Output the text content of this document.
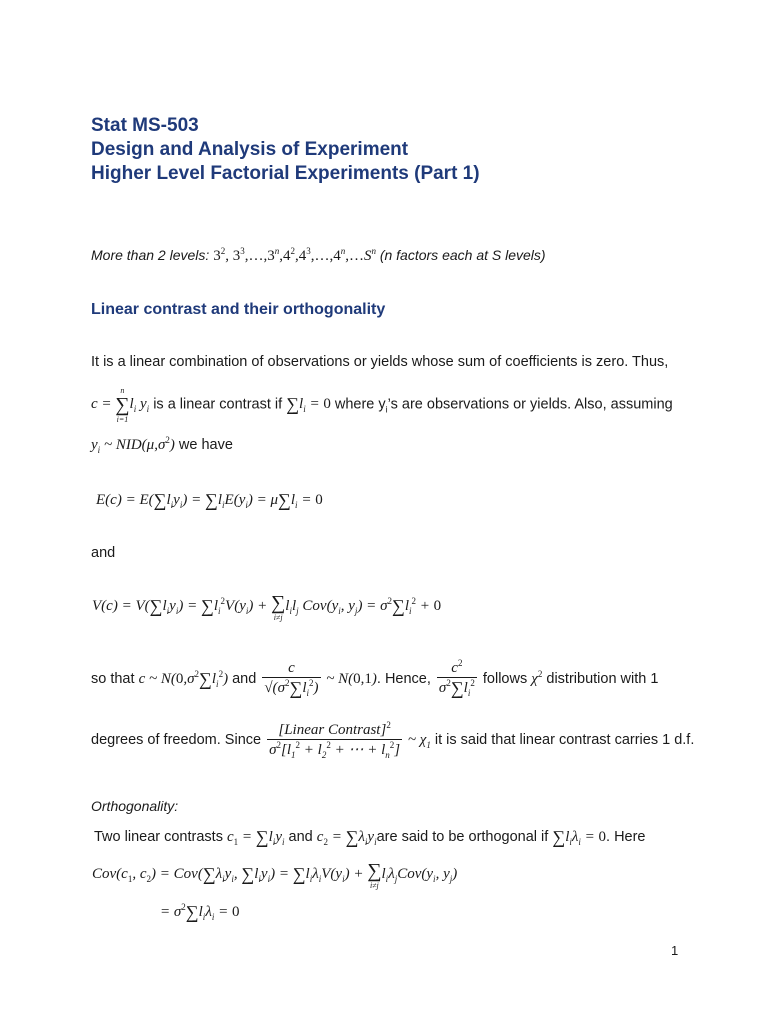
Stat MS-503
Design and Analysis of Experiment
Higher Level Factorial Experiments (Part 1)
More than 2 levels: $3^2$, $3^3,\dots,3^n,4^2,4^3,\dots,4^n,\dots S^n$ (n factors each at S levels)
Linear contrast and their orthogonality
It is a linear combination of observations or yields whose sum of coefficients is zero. Thus,
c =
n
∑
i=1
$l_i$ $y_i$ is a linear contrast if $\sum l_i = 0$ where $y_i’s$ are observations or yields. Also, assuming
$y_i$ ~ $NID(\mu,\sigma^2)$ we have
$E(c) = E(\sum l_iy_i) = \sum l_iE(y_i) = \mu\sum l_i = 0$
and
$V(c) = V(\sum l_iy_i) = \sum l_i^2V(y_i)$ + ∑
i≠j
$l_il_j$ $Cov(y_i$, $y_j) = \sigma^2\sum l_i^2 + 0$
so that c ~ $N(0,\sigma^2\sum l_i^2)$ and $\frac{c}{√(\sigma^2\sum l_i^2)}$ ~ N(0,1). Hence, $\frac{c^2}{\sigma^2\sum l_i^2}$ follows $\chi^2$ distribution with 1
degrees of freedom. Since $\frac{[Linear Contrast]^2}{\sigma^2[l_1^2 + l_2^2 + \cdots + l_n^2]}$ ~ $\chi_1$ it is said that linear contrast carries 1 d.f.
Orthogonality:
Two linear contrasts $c_1 = \sum l_iy_i$ and $c_2 = \sum\lambda_iy_iare$ said to be orthogonal if $\sum l_i\lambda_i = 0$. Here
$Cov(c_1$, $c_2) = Cov(\sum\lambda_iy_i$, $\sum l_iy_i) = \sum l_i\lambda_iV(y_i)$ + ∑
i≠j
$l_i\lambda_jCov(y_i$, $y_j$)
= $\sigma^2\sum l_i\lambda_i = 0$
1
